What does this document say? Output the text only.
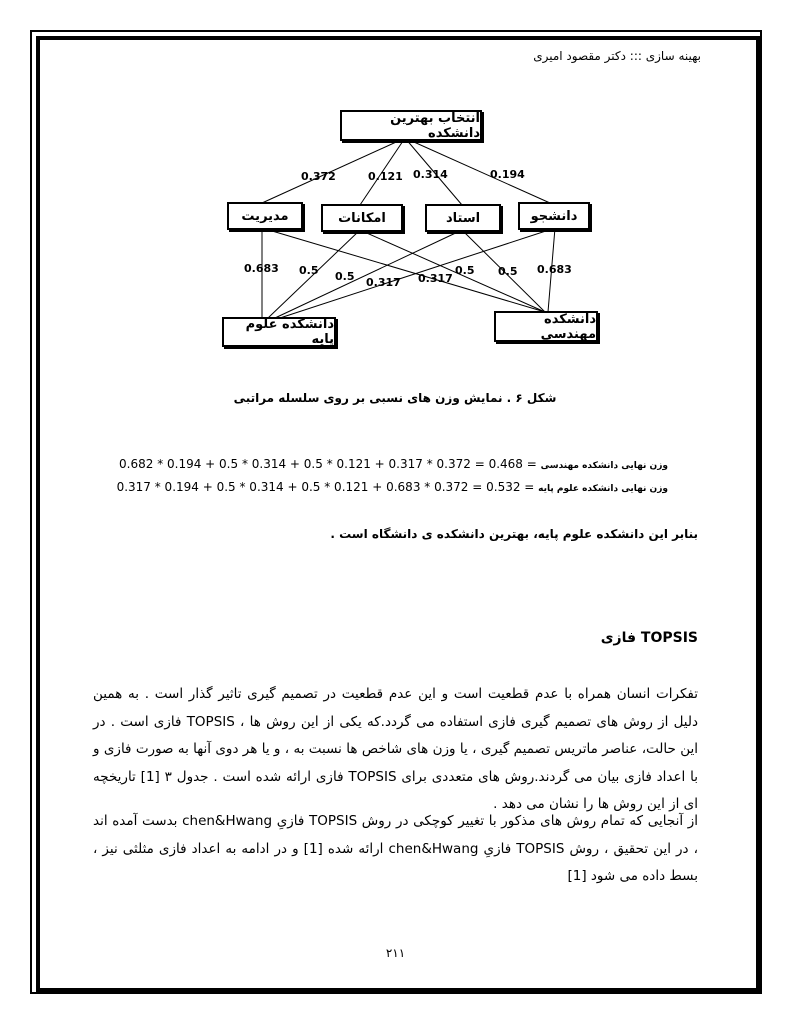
بهینه سازی ::: دکتر مقصود امیری
انتخاب بهترین دانشکده
مدیریت	امکانات	استاد	دانشجو
دانشکده علوم پایه
دانشکده مهندسی
0.372	0.121 0.314	0.194
0.683 0.5 0.5 0.317 0.317
0.5 0.5 0.683
شکل ۶ . نمایش وزن های نسبی بر روی سلسله مراتبی
وزن نهایی دانشکده مهندسی = 0.682 * 0.194 + 0.5 * 0.314 + 0.5 * 0.121 + 0.317 * 0.372 = 0.468
وزن نهایی دانشکده علوم پایه = 0.317 * 0.194 + 0.5 * 0.314 + 0.5 * 0.121 + 0.683 * 0.372 = 0.532
بنابر این دانشکده علوم پایه، بهترین دانشکده ی دانشگاه است .
TOPSIS فازی
تفکرات انسان همراه با عدم قطعیت است و این عدم قطعیت در تصمیم گیری تاثیر گذار است . به همین دلیل از روش های تصمیم گیری فازی استفاده می گردد.که یکی از این روش ها ، TOPSIS فازی است . در این حالت، عناصر ماتریس تصمیم گیری ، یا وزن های شاخص ها نسبت به ، و یا هر دوی آنها به صورت فازی و با اعداد فازی بیان می گردند.روش های متعددی برای TOPSIS فازی ارائه شده است . جدول ۳ [1] تاریخچه ای از این روش ها را نشان می دهد .
از آنجایی که تمام روش های مذکور با تغییر کوچکی در روش TOPSIS فازیِ chen&Hwang بدست آمده اند ، در این تحقیق ، روش TOPSIS فازیِ chen&Hwang ارائه شده [1] و در ادامه به اعداد فازی مثلثی نیز ، بسط داده می شود [1]
۲۱۱
